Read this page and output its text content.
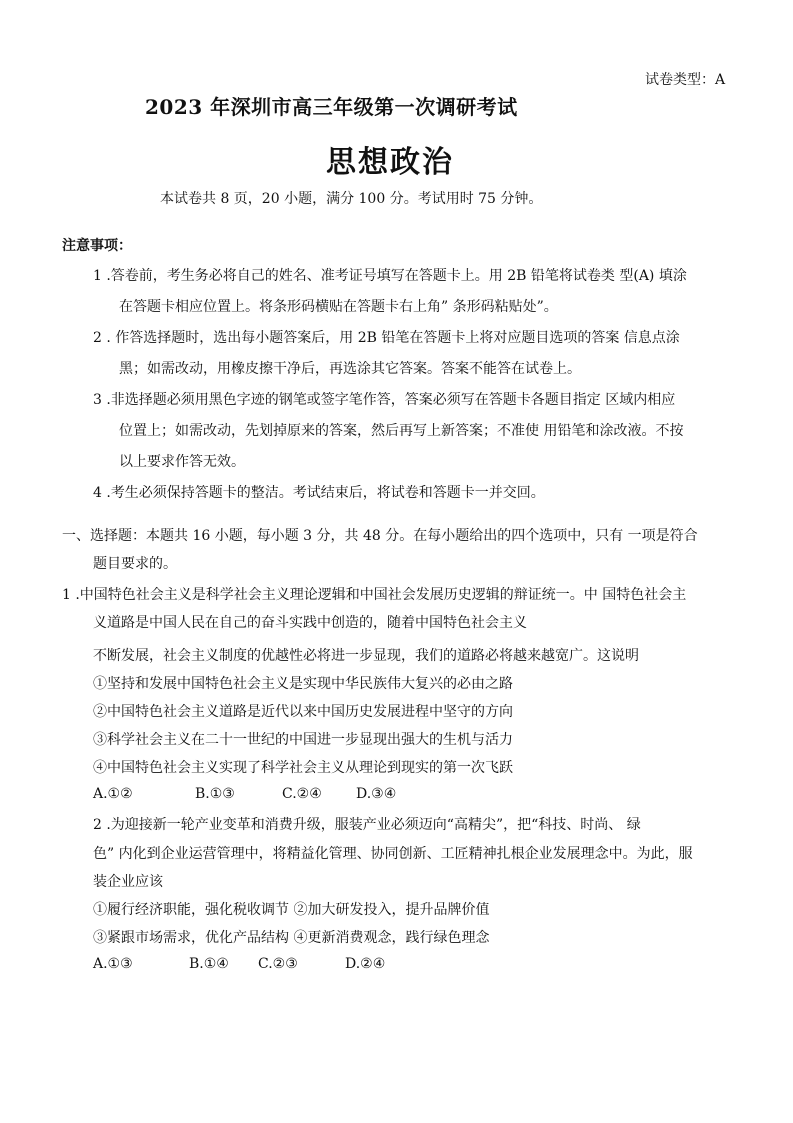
试卷类型：A
2023 年深圳市高三年级第一次调研考试
思想政治
本试卷共 8 页，20 小题，满分 100 分。考试用时 75 分钟。
注意事项：
1 .答卷前，考生务必将自己的姓名、准考证号填写在答题卡上。用 2B 铅笔将试卷类 型(A) 填涂
在答题卡相应位置上。将条形码横贴在答题卡右上角” 条形码粘贴处”。
2 . 作答选择题时，选出每小题答案后，用 2B 铅笔在答题卡上将对应题目选项的答案 信息点涂
黑；如需改动，用橡皮擦干净后，再选涂其它答案。答案不能答在试卷上。
3 .非选择题必须用黑色字迹的钢笔或签字笔作答，答案必须写在答题卡各题目指定 区域内相应
位置上；如需改动，先划掉原来的答案，然后再写上新答案；不准使 用铅笔和涂改液。不按
以上要求作答无效。
4 .考生必须保持答题卡的整洁。考试结束后，将试卷和答题卡一并交回。
一、选择题：本题共 16 小题，每小题 3 分，共 48 分。在每小题给出的四个选项中，只有 一项是符合
题目要求的。
1 .中国特色社会主义是科学社会主义理论逻辑和中国社会发展历史逻辑的辩证统一。中 国特色社会主
义道路是中国人民在自己的奋斗实践中创造的，随着中国特色社会主义
不断发展，社会主义制度的优越性必将进一步显现，我们的道路必将越来越宽广。这说明
①坚持和发展中国特色社会主义是实现中华民族伟大复兴的必由之路
②中国特色社会主义道路是近代以来中国历史发展进程中坚守的方向
③科学社会主义在二十一世纪的中国进一步显现出强大的生机与活力
④中国特色社会主义实现了科学社会主义从理论到现实的第一次飞跃
A.①②	B.①③	C.②④ D.③④
2 .为迎接新一轮产业变革和消费升级，服装产业必须迈向“高精尖”，把“科技、时尚、 绿
色” 内化到企业运营管理中，将精益化管理、协同创新、工匠精神扎根企业发展理念中。为此，服
装企业应该
①履行经济职能，强化税收调节 ②加大研发投入，提升品牌价值
③紧跟市场需求，优化产品结构 ④更新消费观念，践行绿色理念
A.①③	B.①④ C.②③	D.②④
